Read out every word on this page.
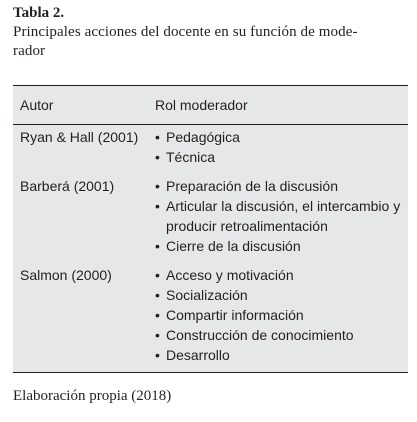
Tabla 2.

Principales acciones del docente en su función de mode-

rador

Autor	Rol moderador
Ryan & Hall (2001) • Pedagógica
• Técnica
Barberá (2001)	• Preparación de la discusión
• Articular la discusión, el intercambio y
producir retroalimentación
• Cierre de la discusión
Salmon (2000)	• Acceso y motivación
• Socialización
• Compartir información
• Construcción de conocimiento
• Desarrollo
Elaboración propia (2018)
